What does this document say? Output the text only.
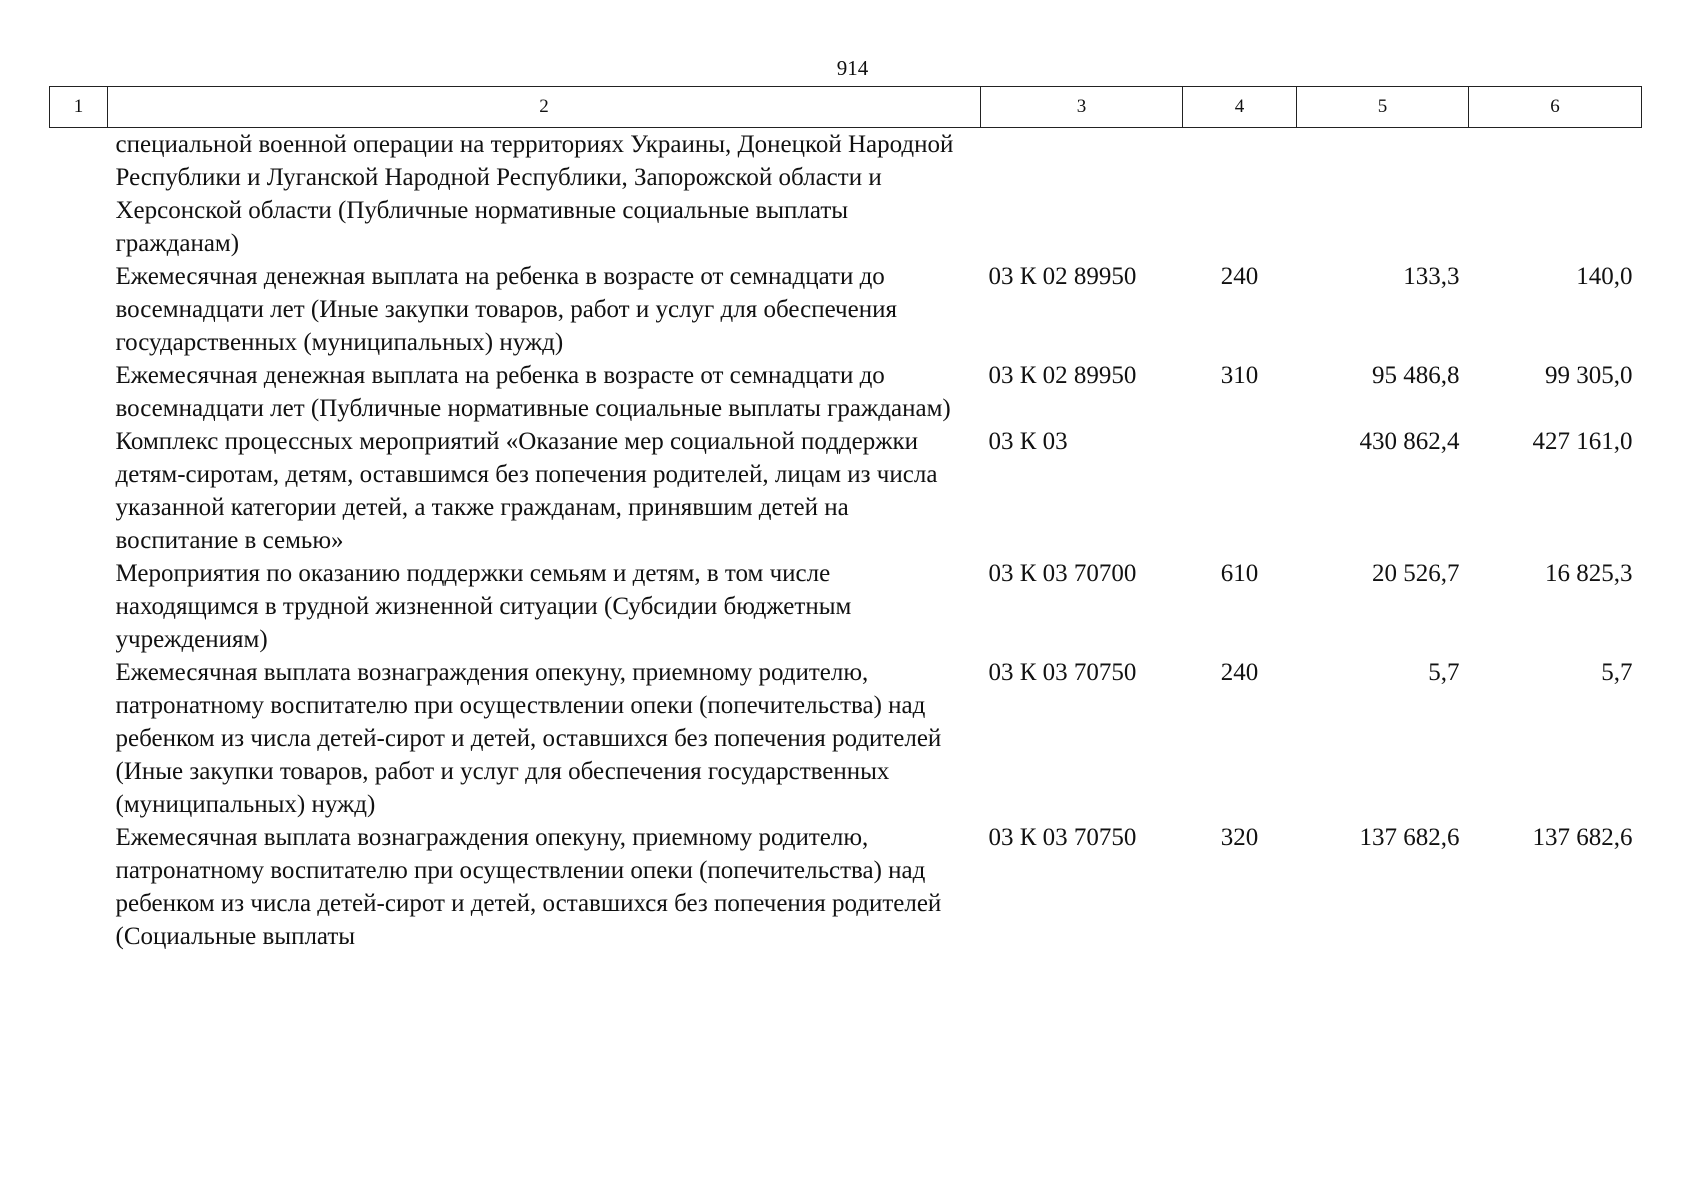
914
1	2	3	4	5	6
	специальной военной операции на территориях Украины, Донецкой Народной Республики и Луганской Народной Республики, Запорожской области и Херсонской области (Публичные нормативные социальные выплаты гражданам)				
	Ежемесячная денежная выплата на ребенка в возрасте от семнадцати до восемнадцати лет (Иные закупки товаров, работ и услуг для обеспечения государственных (муниципальных) нужд)	03 К 02 89950	240	133,3	140,0
	Ежемесячная денежная выплата на ребенка в возрасте от семнадцати до восемнадцати лет (Публичные нормативные социальные выплаты гражданам)	03 К 02 89950	310	95 486,8	99 305,0
	Комплекс процессных мероприятий «Оказание мер социальной поддержки детям-сиротам, детям, оставшимся без попечения родителей, лицам из числа указанной категории детей, а также гражданам, принявшим детей на воспитание в семью»	03 К 03		430 862,4	427 161,0
	Мероприятия по оказанию поддержки семьям и детям, в том числе находящимся в трудной жизненной ситуации (Субсидии бюджетным учреждениям)	03 К 03 70700	610	20 526,7	16 825,3
	Ежемесячная выплата вознаграждения опекуну, приемному родителю, патронатному воспитателю при осуществлении опеки (попечительства) над ребенком из числа детей-сирот и детей, оставшихся без попечения родителей (Иные закупки товаров, работ и услуг для обеспечения государственных (муниципальных) нужд)	03 К 03 70750	240	5,7	5,7
	Ежемесячная выплата вознаграждения опекуну, приемному родителю, патронатному воспитателю при осуществлении опеки (попечительства) над ребенком из числа детей-сирот и детей, оставшихся без попечения родителей (Социальные выплаты	03 К 03 70750	320	137 682,6	137 682,6
